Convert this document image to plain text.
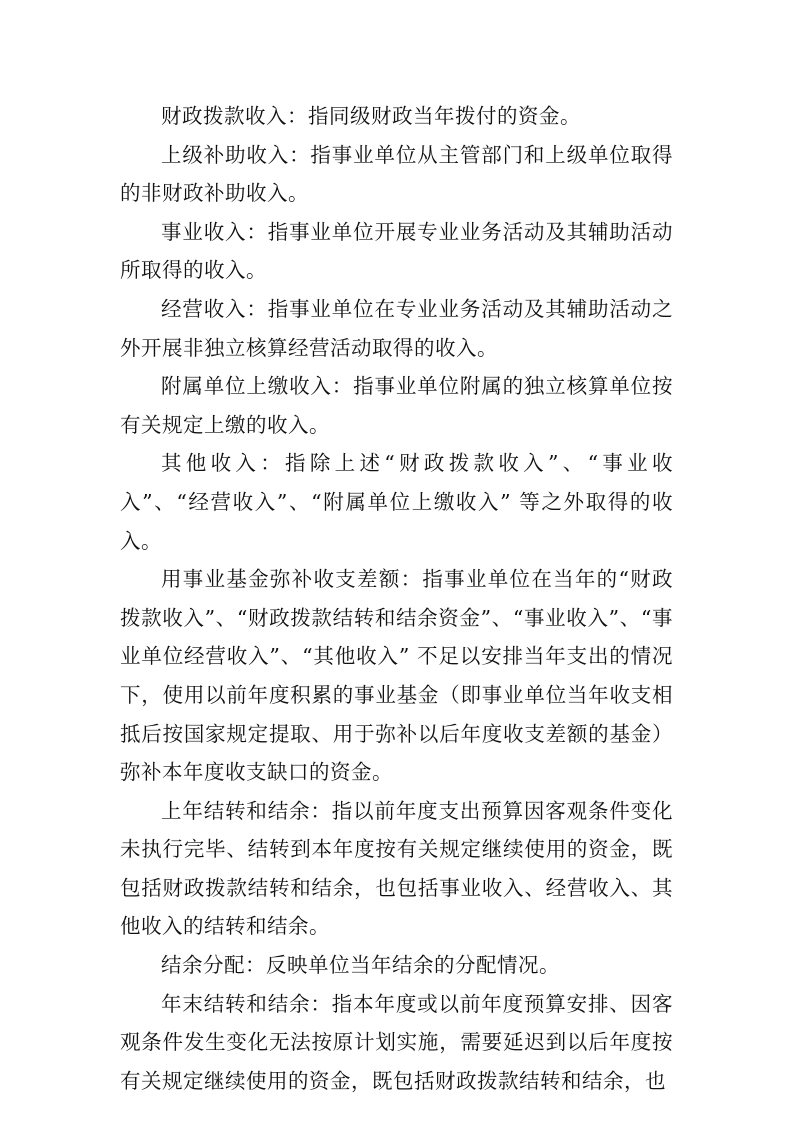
财政拨款收入：指同级财政当年拨付的资金。

上级补助收入：指事业单位从主管部门和上级单位取得的非财政补助收入。

事业收入：指事业单位开展专业业务活动及其辅助活动所取得的收入。

经营收入：指事业单位在专业业务活动及其辅助活动之外开展非独立核算经营活动取得的收入。

附属单位上缴收入：指事业单位附属的独立核算单位按有关规定上缴的收入。

其他收入：指除上述“财政拨款收入”、“事业收入”、“经营收入”、“附属单位上缴收入” 等之外取得的收入。

用事业基金弥补收支差额：指事业单位在当年的“财政拨款收入”、“财政拨款结转和结余资金”、“事业收入”、“事业单位经营收入”、“其他收入” 不足以安排当年支出的情况下，使用以前年度积累的事业基金（即事业单位当年收支相抵后按国家规定提取、用于弥补以后年度收支差额的基金）弥补本年度收支缺口的资金。

上年结转和结余：指以前年度支出预算因客观条件变化未执行完毕、结转到本年度按有关规定继续使用的资金，既包括财政拨款结转和结余，也包括事业收入、经营收入、其他收入的结转和结余。

结余分配：反映单位当年结余的分配情况。

年末结转和结余：指本年度或以前年度预算安排、因客观条件发生变化无法按原计划实施，需要延迟到以后年度按有关规定继续使用的资金，既包括财政拨款结转和结余，也
